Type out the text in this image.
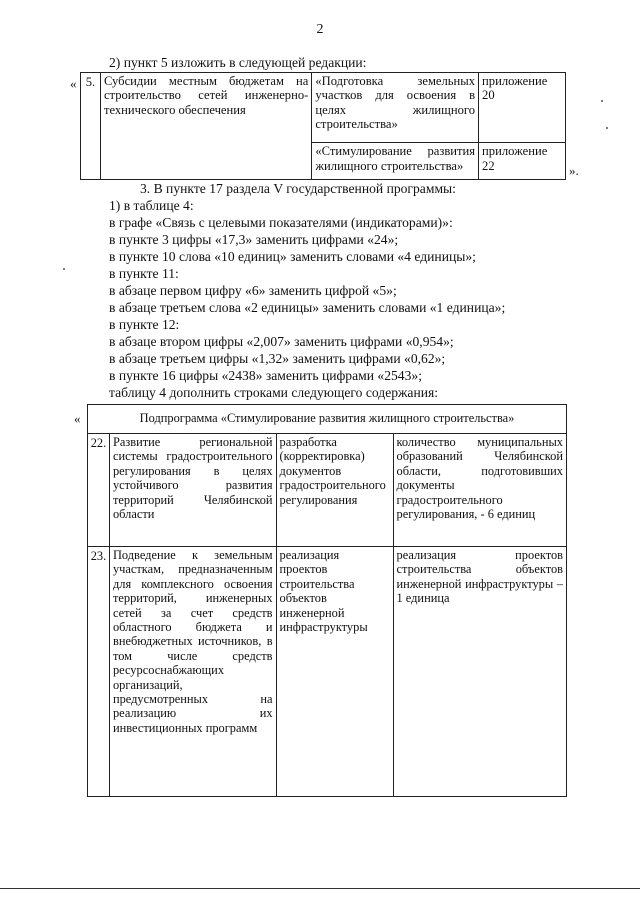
2
2) пункт 5 изложить в следующей редакции:
« 5.	Субсидии местным бюджетам на строительство сетей инженерно-технического обеспечения	«Подготовка земельных участков для освоения в целях жилищного строительства»	приложение 20
		«Стимулирование развития жилищного строительства»	приложение 22	».
3. В пункте 17 раздела V государственной программы:
1) в таблице 4:
в графе «Связь с целевыми показателями (индикаторами)»:
в пункте 3 цифры «17,3» заменить цифрами «24»;
в пункте 10 слова «10 единиц» заменить словами «4 единицы»;
в пункте 11:
в абзаце первом цифру «6» заменить цифрой «5»;
в абзаце третьем слова «2 единицы» заменить словами «1 единица»;
в пункте 12:
в абзаце втором цифры «2,007» заменить цифрами «0,954»;
в абзаце третьем цифры «1,32» заменить цифрами «0,62»;
в пункте 16 цифры «2438» заменить цифрами «2543»;
таблицу 4 дополнить строками следующего содержания:
«	Подпрограмма «Стимулирование развития жилищного строительства»			
22.	Развитие региональной системы градостроительного регулирования в целях устойчивого развития территорий Челябинской области	разработка (корректировка) документов градостроительного регулирования	количество муниципальных образований Челябинской области, подготовивших документы градостроительного регулирования, - 6 единиц
23.	Подведение к земельным участкам, предназначенным для комплексного освоения территорий, инженерных сетей за счет средств областного бюджета и внебюджетных источников, в том числе средств ресурсоснабжающих организаций, предусмотренных на реализацию их инвестиционных программ	реализация проектов строительства объектов инженерной инфраструктуры	реализация проектов строительства объектов инженерной инфраструктуры – 1 единица
